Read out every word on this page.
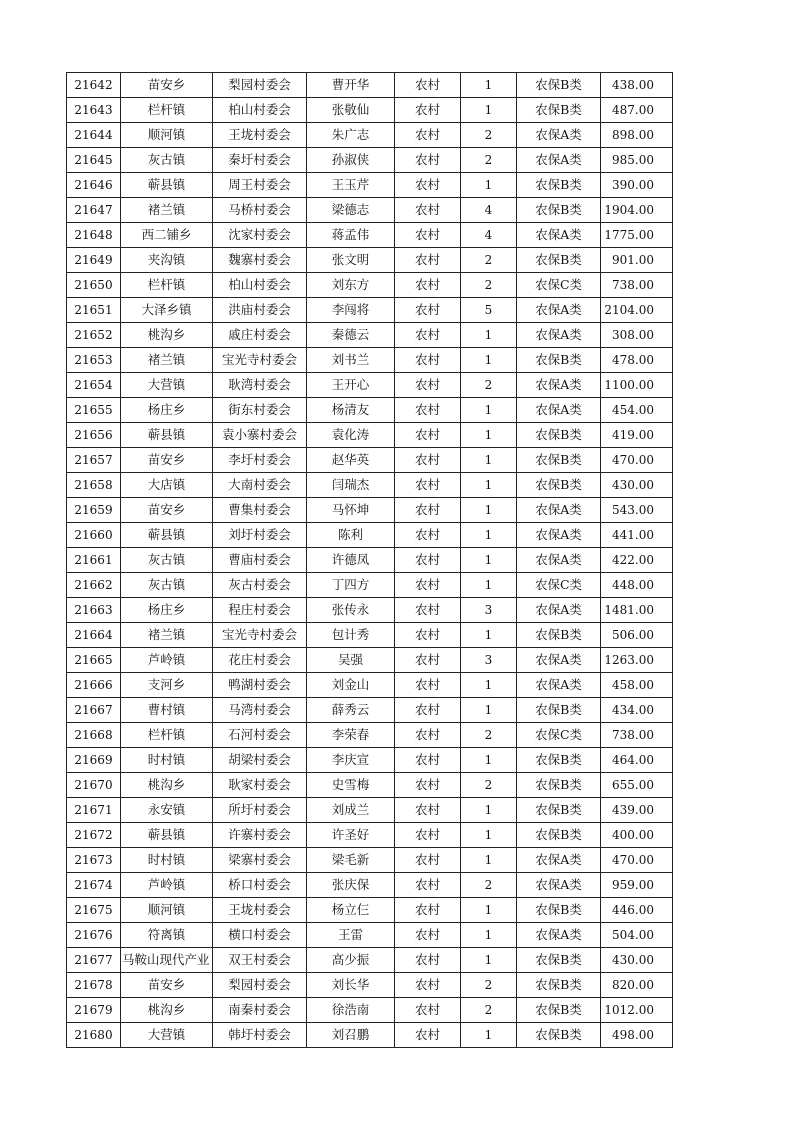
21642	苗安乡	梨园村委会	曹开华	农村	1	农保B类	438.00
21643	栏杆镇	柏山村委会	张敬仙	农村	1	农保B类	487.00
21644	顺河镇	王垅村委会	朱广志	农村	2	农保A类	898.00
21645	灰古镇	秦圩村委会	孙淑侠	农村	2	农保A类	985.00
21646	蕲县镇	周王村委会	王玉芹	农村	1	农保B类	390.00
21647	褚兰镇	马桥村委会	梁德志	农村	4	农保B类	1904.00
21648	西二铺乡	沈家村委会	蒋孟伟	农村	4	农保A类	1775.00
21649	夹沟镇	魏寨村委会	张文明	农村	2	农保B类	901.00
21650	栏杆镇	柏山村委会	刘东方	农村	2	农保C类	738.00
21651	大泽乡镇	洪庙村委会	李闯将	农村	5	农保A类	2104.00
21652	桃沟乡	戚庄村委会	秦德云	农村	1	农保A类	308.00
21653	褚兰镇	宝光寺村委会	刘书兰	农村	1	农保B类	478.00
21654	大营镇	耿湾村委会	王开心	农村	2	农保A类	1100.00
21655	杨庄乡	街东村委会	杨清友	农村	1	农保A类	454.00
21656	蕲县镇	袁小寨村委会	袁化涛	农村	1	农保B类	419.00
21657	苗安乡	李圩村委会	赵华英	农村	1	农保B类	470.00
21658	大店镇	大南村委会	闫瑞杰	农村	1	农保B类	430.00
21659	苗安乡	曹集村委会	马怀坤	农村	1	农保A类	543.00
21660	蕲县镇	刘圩村委会	陈利	农村	1	农保A类	441.00
21661	灰古镇	曹庙村委会	许德凤	农村	1	农保A类	422.00
21662	灰古镇	灰古村委会	丁四方	农村	1	农保C类	448.00
21663	杨庄乡	程庄村委会	张传永	农村	3	农保A类	1481.00
21664	褚兰镇	宝光寺村委会	包计秀	农村	1	农保B类	506.00
21665	芦岭镇	花庄村委会	吴强	农村	3	农保A类	1263.00
21666	支河乡	鸭湖村委会	刘金山	农村	1	农保A类	458.00
21667	曹村镇	马湾村委会	薛秀云	农村	1	农保B类	434.00
21668	栏杆镇	石河村委会	李荣春	农村	2	农保C类	738.00
21669	时村镇	胡梁村委会	李庆宣	农村	1	农保B类	464.00
21670	桃沟乡	耿家村委会	史雪梅	农村	2	农保B类	655.00
21671	永安镇	所圩村委会	刘成兰	农村	1	农保B类	439.00
21672	蕲县镇	许寨村委会	许圣好	农村	1	农保B类	400.00
21673	时村镇	梁寨村委会	梁毛新	农村	1	农保A类	470.00
21674	芦岭镇	桥口村委会	张庆保	农村	2	农保A类	959.00
21675	顺河镇	王垅村委会	杨立仨	农村	1	农保B类	446.00
21676	符离镇	横口村委会	王雷	农村	1	农保A类	504.00
21677	马鞍山现代产业	双王村委会	高少振	农村	1	农保B类	430.00
21678	苗安乡	梨园村委会	刘长华	农村	2	农保B类	820.00
21679	桃沟乡	南秦村委会	徐浩南	农村	2	农保B类	1012.00
21680	大营镇	韩圩村委会	刘召鹏	农村	1	农保B类	498.00
